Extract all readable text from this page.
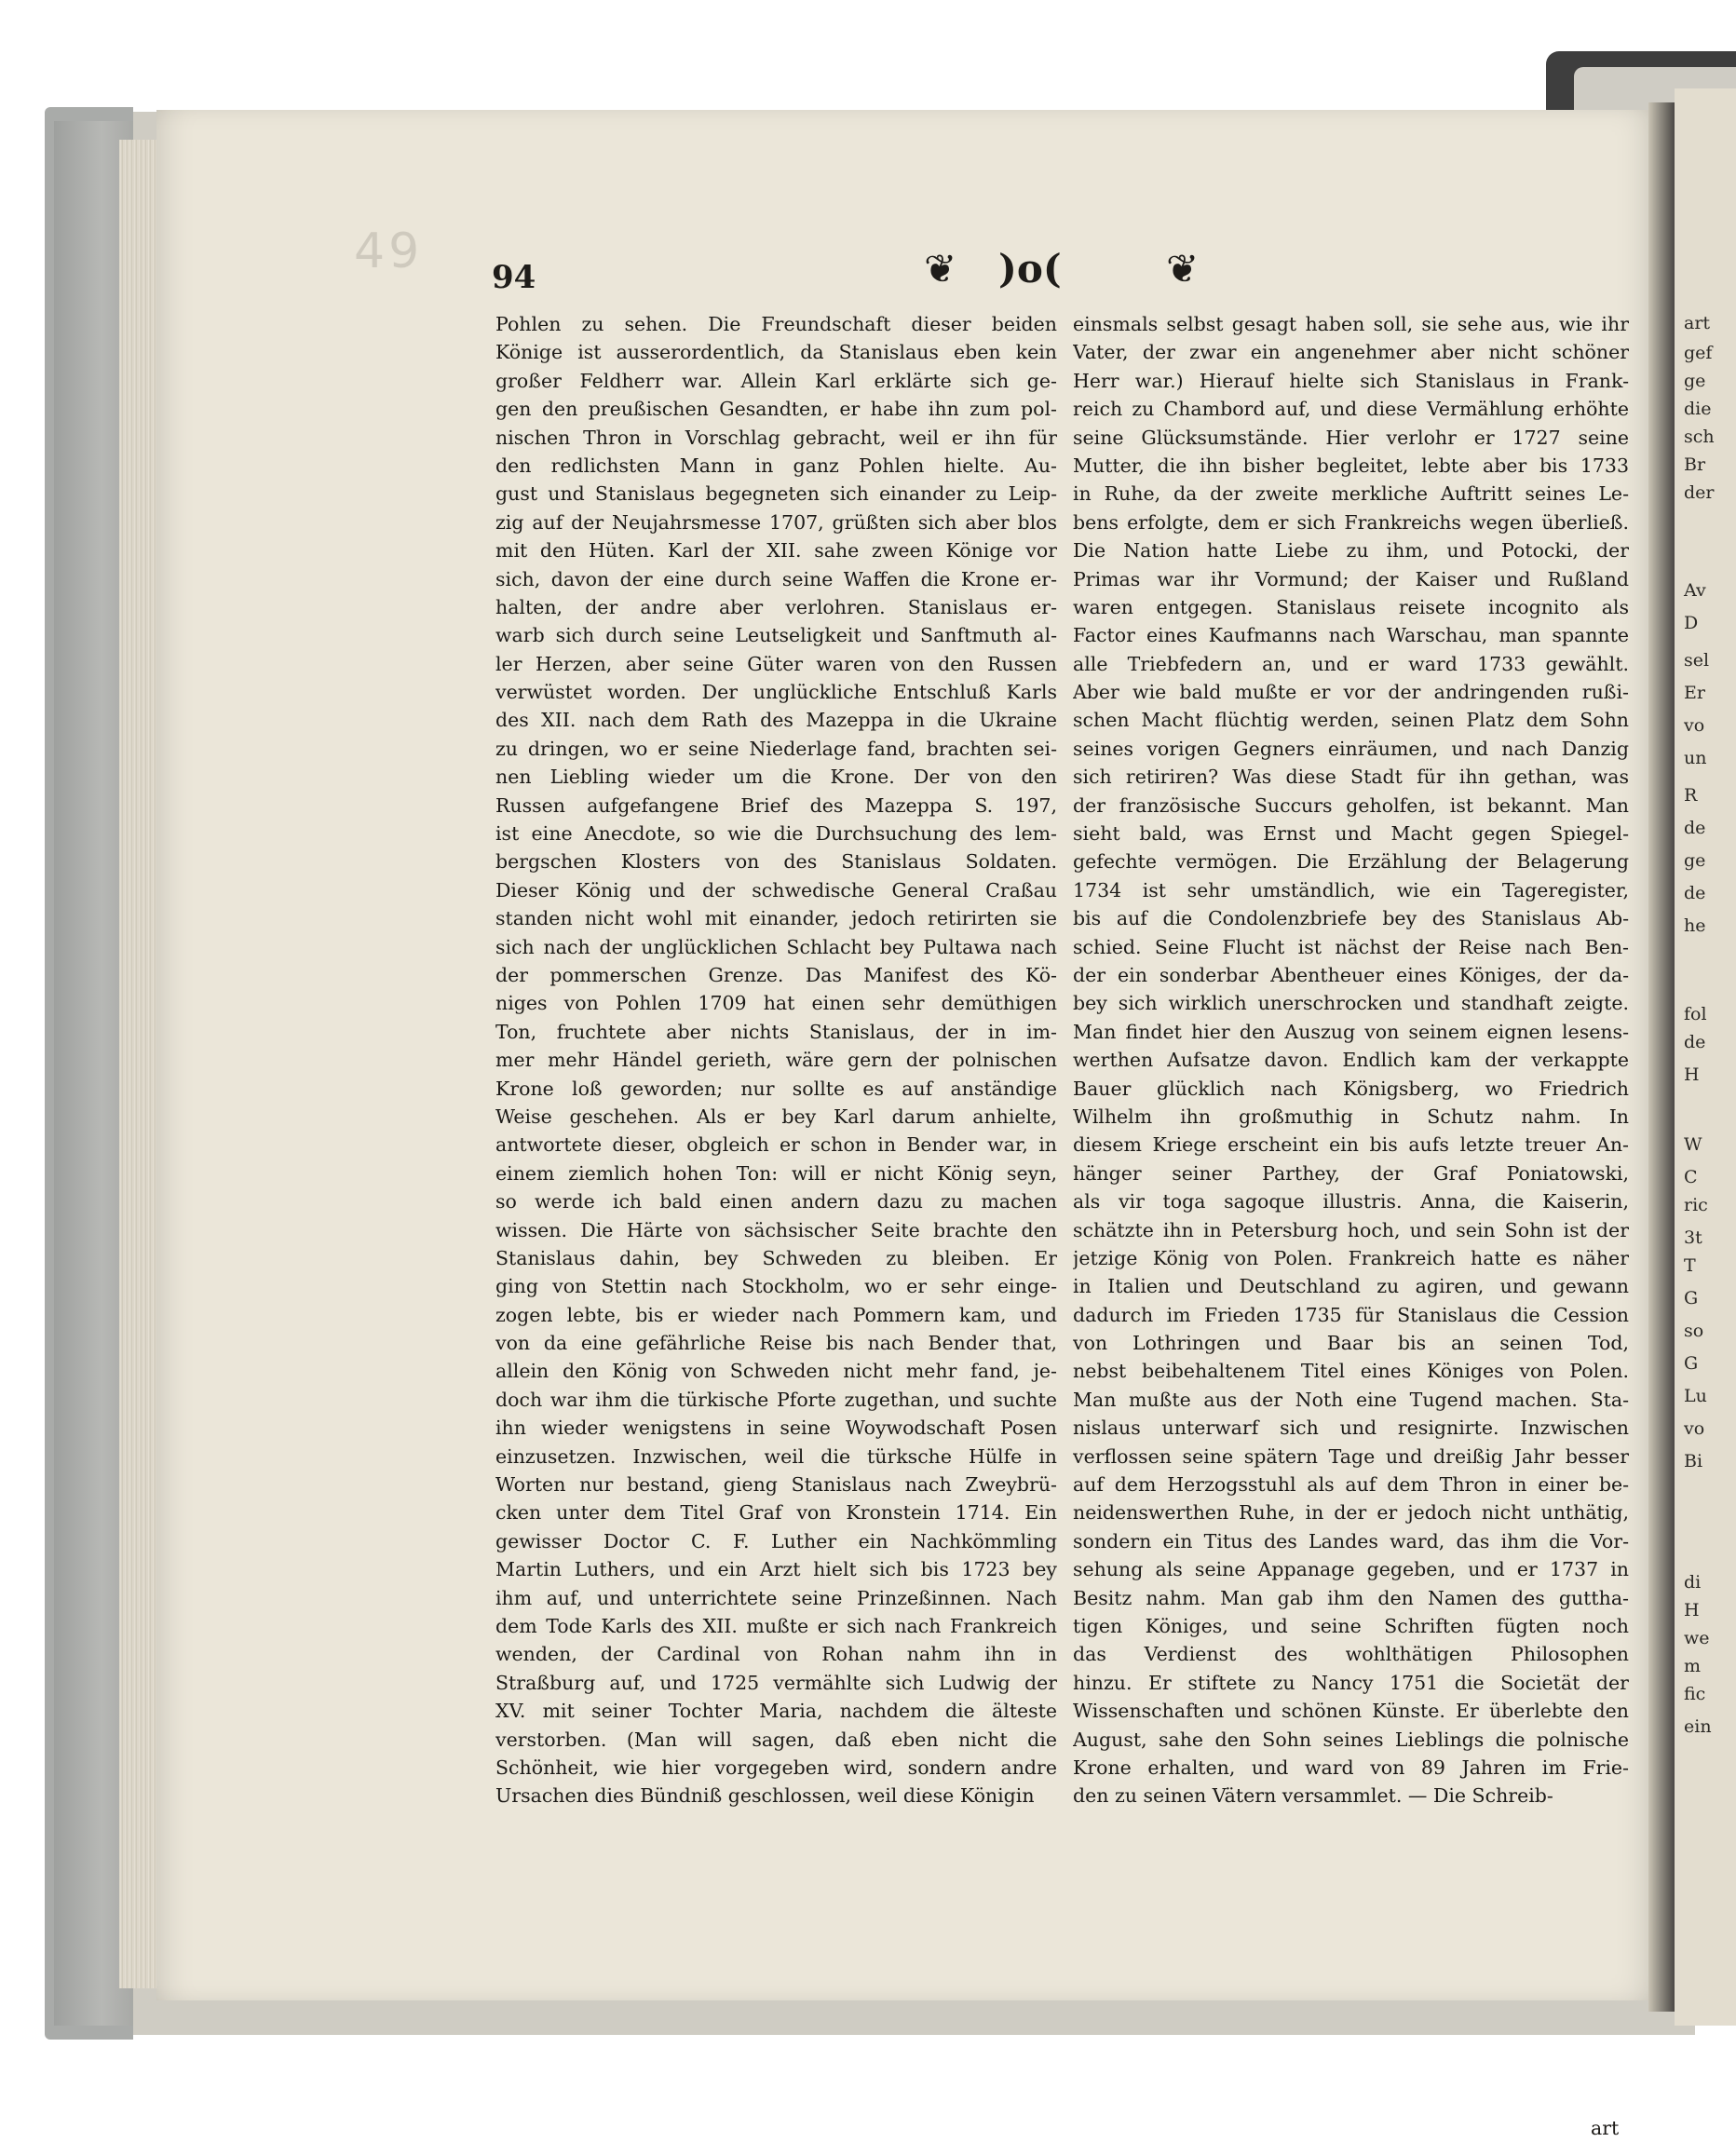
49 94	❦ )o(	❦
Pohlen zu sehen. Die Freundschaft dieser beiden
Könige ist ausserordentlich, da Stanislaus eben kein
großer Feldherr war. Allein Karl erklärte sich ge-
gen den preußischen Gesandten, er habe ihn zum pol-
nischen Thron in Vorschlag gebracht, weil er ihn für
den redlichsten Mann in ganz Pohlen hielte. Au-
gust und Stanislaus begegneten sich einander zu Leip-
zig auf der Neujahrsmesse 1707, grüßten sich aber blos
mit den Hüten. Karl der XII. sahe zween Könige vor
sich, davon der eine durch seine Waffen die Krone er-
halten, der andre aber verlohren. Stanislaus er-
warb sich durch seine Leutseligkeit und Sanftmuth al-
ler Herzen, aber seine Güter waren von den Russen
verwüstet worden. Der unglückliche Entschluß Karls
des XII. nach dem Rath des Mazeppa in die Ukraine
zu dringen, wo er seine Niederlage fand, brachten sei-
nen Liebling wieder um die Krone. Der von den
Russen aufgefangene Brief des Mazeppa S. 197,
ist eine Anecdote, so wie die Durchsuchung des lem-
bergschen Klosters von des Stanislaus Soldaten.
Dieser König und der schwedische General Craßau
standen nicht wohl mit einander, jedoch retirirten sie
sich nach der unglücklichen Schlacht bey Pultawa nach
der pommerschen Grenze. Das Manifest des Kö-
niges von Pohlen 1709 hat einen sehr demüthigen
Ton, fruchtete aber nichts Stanislaus, der in im-
mer mehr Händel gerieth, wäre gern der polnischen
Krone loß geworden; nur sollte es auf anständige
Weise geschehen. Als er bey Karl darum anhielte,
antwortete dieser, obgleich er schon in Bender war, in
einem ziemlich hohen Ton: will er nicht König seyn,
so werde ich bald einen andern dazu zu machen
wissen. Die Härte von sächsischer Seite brachte den
Stanislaus dahin, bey Schweden zu bleiben. Er
ging von Stettin nach Stockholm, wo er sehr einge-
zogen lebte, bis er wieder nach Pommern kam, und
von da eine gefährliche Reise bis nach Bender that,
allein den König von Schweden nicht mehr fand, je-
doch war ihm die türkische Pforte zugethan, und suchte
ihn wieder wenigstens in seine Woywodschaft Posen
einzusetzen. Inzwischen, weil die türksche Hülfe in
Worten nur bestand, gieng Stanislaus nach Zweybrü-
cken unter dem Titel Graf von Kronstein 1714. Ein
gewisser Doctor C. F. Luther ein Nachkömmling
Martin Luthers, und ein Arzt hielt sich bis 1723 bey
ihm auf, und unterrichtete seine Prinzeßinnen. Nach
dem Tode Karls des XII. mußte er sich nach Frankreich
wenden, der Cardinal von Rohan nahm ihn in
Straßburg auf, und 1725 vermählte sich Ludwig der
XV. mit seiner Tochter Maria, nachdem die älteste
verstorben. (Man will sagen, daß eben nicht die
Schönheit, wie hier vorgegeben wird, sondern andre
Ursachen dies Bündniß geschlossen, weil diese Königin
einsmals selbst gesagt haben soll, sie sehe aus, wie ihr
Vater, der zwar ein angenehmer aber nicht schöner
Herr war.) Hierauf hielte sich Stanislaus in Frank-
reich zu Chambord auf, und diese Vermählung erhöhte
seine Glücksumstände. Hier verlohr er 1727 seine
Mutter, die ihn bisher begleitet, lebte aber bis 1733
in Ruhe, da der zweite merkliche Auftritt seines Le-
bens erfolgte, dem er sich Frankreichs wegen überließ.
Die Nation hatte Liebe zu ihm, und Potocki, der
Primas war ihr Vormund; der Kaiser und Rußland
waren entgegen. Stanislaus reisete incognito als
Factor eines Kaufmanns nach Warschau, man spannte
alle Triebfedern an, und er ward 1733 gewählt.
Aber wie bald mußte er vor der andringenden rußi-
schen Macht flüchtig werden, seinen Platz dem Sohn
seines vorigen Gegners einräumen, und nach Danzig
sich retiriren? Was diese Stadt für ihn gethan, was
der französische Succurs geholfen, ist bekannt. Man
sieht bald, was Ernst und Macht gegen Spiegel-
gefechte vermögen. Die Erzählung der Belagerung
1734 ist sehr umständlich, wie ein Tageregister,
bis auf die Condolenzbriefe bey des Stanislaus Ab-
schied. Seine Flucht ist nächst der Reise nach Ben-
der ein sonderbar Abentheuer eines Königes, der da-
bey sich wirklich unerschrocken und standhaft zeigte.
Man findet hier den Auszug von seinem eignen lesens-
werthen Aufsatze davon. Endlich kam der verkappte
Bauer glücklich nach Königsberg, wo Friedrich
Wilhelm ihn großmuthig in Schutz nahm. In
diesem Kriege erscheint ein bis aufs letzte treuer An-
hänger seiner Parthey, der Graf Poniatowski,
als vir toga sagoque illustris. Anna, die Kaiserin,
schätzte ihn in Petersburg hoch, und sein Sohn ist der
jetzige König von Polen. Frankreich hatte es näher
in Italien und Deutschland zu agiren, und gewann
dadurch im Frieden 1735 für Stanislaus die Cession
von Lothringen und Baar bis an seinen Tod,
nebst beibehaltenem Titel eines Königes von Polen.
Man mußte aus der Noth eine Tugend machen. Sta-
nislaus unterwarf sich und resignirte. Inzwischen
verflossen seine spätern Tage und dreißig Jahr besser
auf dem Herzogsstuhl als auf dem Thron in einer be-
neidenswerthen Ruhe, in der er jedoch nicht unthätig,
sondern ein Titus des Landes ward, das ihm die Vor-
sehung als seine Appanage gegeben, und er 1737 in
Besitz nahm. Man gab ihm den Namen des guttha-
tigen Königes, und seine Schriften fügten noch
das Verdienst des wohlthätigen Philosophen
hinzu. Er stiftete zu Nancy 1751 die Societät der
Wissenschaften und schönen Künste. Er überlebte den
August, sahe den Sohn seines Lieblings die polnische
Krone erhalten, und ward von 89 Jahren im Frie-
den zu seinen Vätern versammlet. — Die Schreib-
art
art
gef
ge
die
sch
Br
der
Av
D
sel
Er
vo
un
R
de
ge
de
he
fol
de
H
W
C
ric
3t
T
G
so
G
Lu
vo
Bi
di
H
we
m
fic
ein
